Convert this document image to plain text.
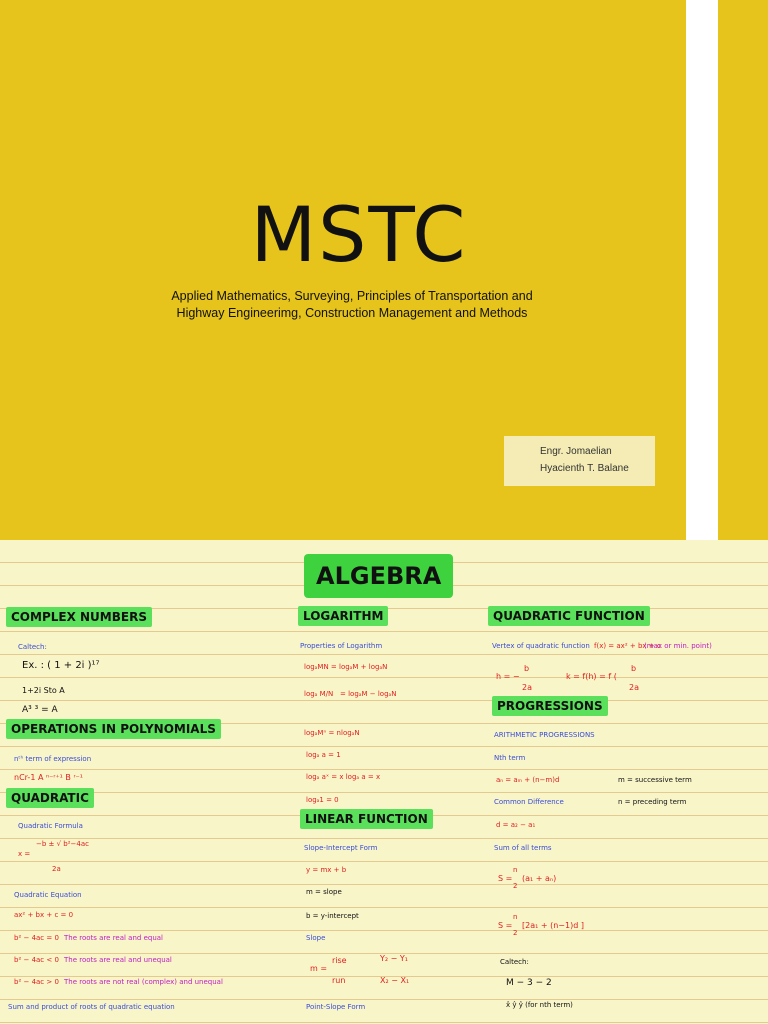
MSTC
Applied Mathematics, Surveying, Principles of Transportation and
Highway Engineerimg, Construction Management and Methods
Engr. Jomaelian
Hyacienth T. Balane
ALGEBRA
COMPLEX NUMBERS
Caltech:
Ex. : ( 1 + 2i )¹⁷
1+2i Sto A
A³ ³ = A
OPERATIONS IN POLYNOMIALS
nᵗʰ term of expression
nCr-1 A ⁿ⁻ʳ⁺¹ B ʳ⁻¹
QUADRATIC
Quadratic Formula
−b ± √ b²−4ac
x =
2a
Quadratic Equation
ax² + bx + c = 0
b² − 4ac = 0 The roots are real and equal
b² − 4ac < 0 The roots are real and unequal
b² − 4ac > 0 The roots are not real (complex) and unequal
Sum and product of roots of quadratic equation
LOGARITHM
Properties of Logarithm
logₐMN = logₐM + logₐN
logₐ M/N = logₐM − logₐN
logₐMⁿ = nlogₐN
logₐ a = 1
logₐ aˣ = x logₐ a = x
logₐ1 = 0
LINEAR FUNCTION
Slope-Intercept Form
y = mx + b
m = slope
b = y-intercept
Slope
m =
rise
run
Y₂ − Y₁
X₂ − X₁
Point-Slope Form
QUADRATIC FUNCTION
Vertex of quadratic function f(x) = ax² + bx + c
(max or min. point)
h = −
b
2a
k = f(h) = f (
b
2a
PROGRESSIONS
ARITHMETIC PROGRESSIONS
Nth term
aₙ = aₘ + (n−m)d	m = successive term
Common Difference	n = preceding term
d = a₂ − a₁
Sum of all terms
S =
n
2
(a₁ + aₙ)
S =
n
2
[2a₁ + (n−1)d ]
Caltech:
M − 3 − 2
x̂ ŷ ŷ (for nth term)
